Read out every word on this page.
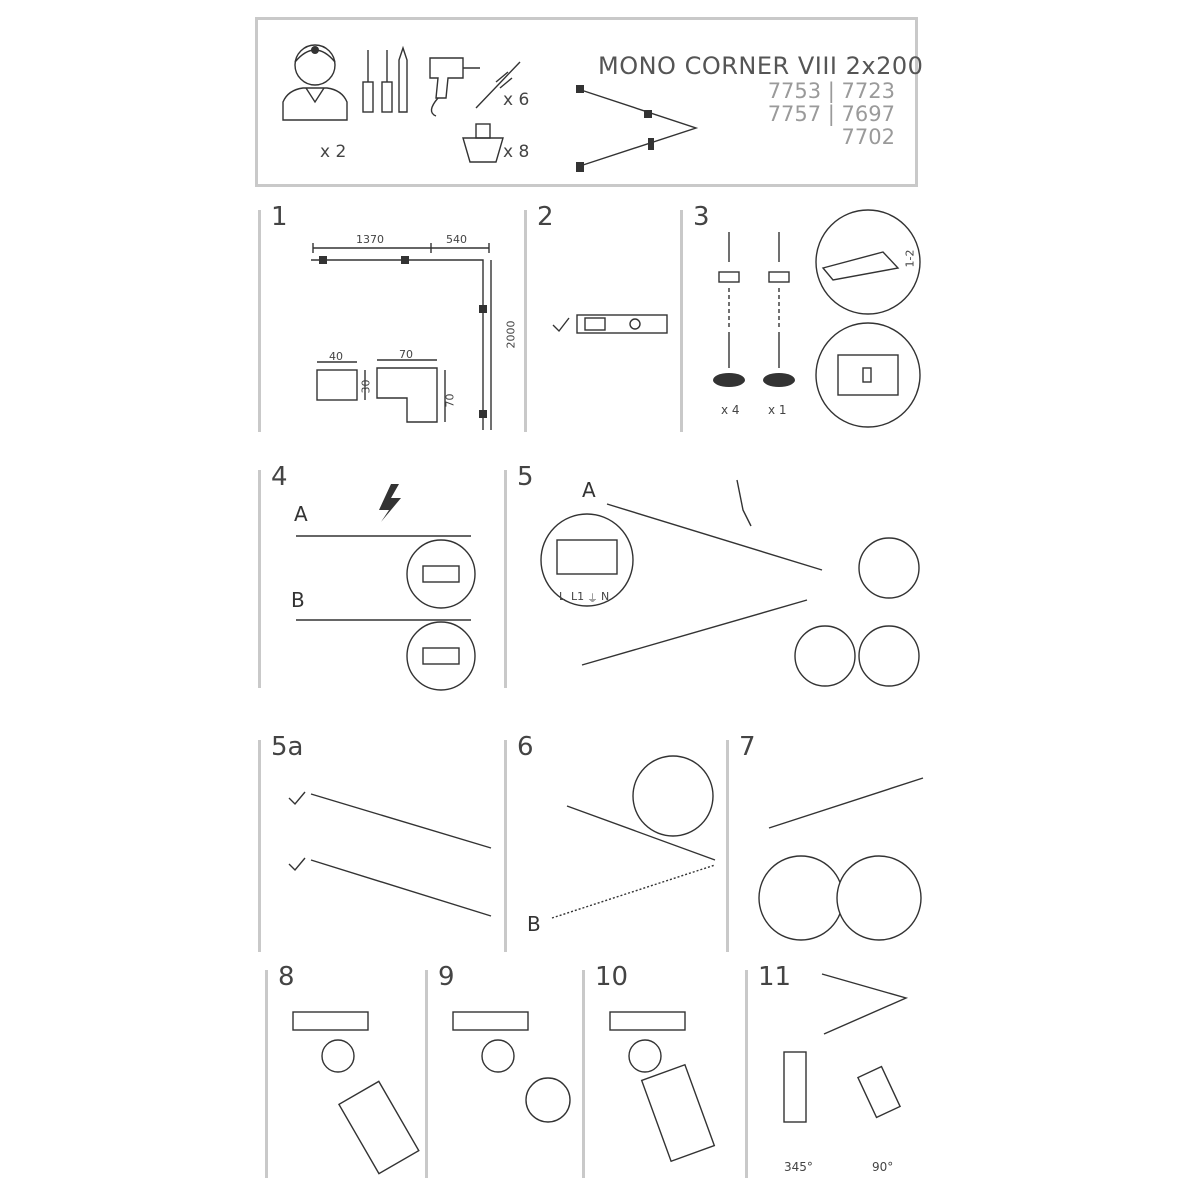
MONO CORNER VIII 2x200
7753 | 7723
7757 | 7697
7702
x 2
x 6
x 8
1
1370	540
2000
40
30
70
70
2	3
x 4 x 1
1-2
4
A
B
5 A
L L1 ⏚ N
5a	6
B
7
8	9	10	11
345°	90°
